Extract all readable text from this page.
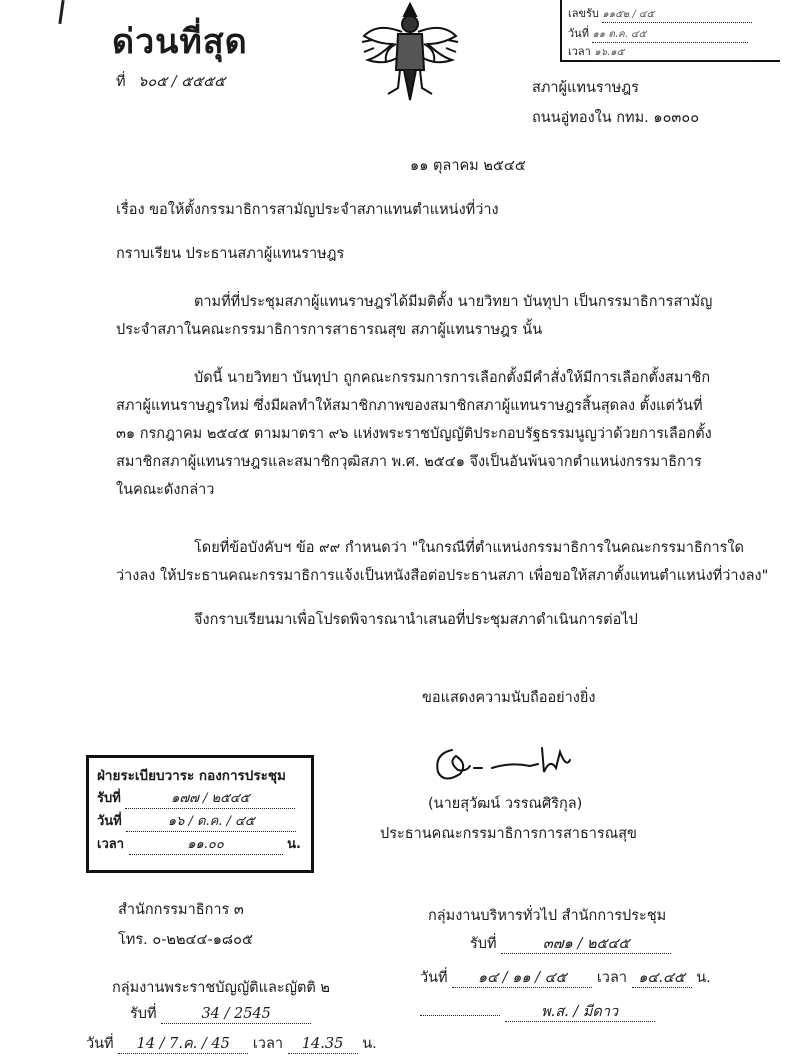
ด่วนที่สุด
ที่ ๖๐๕ / ๕๕๕๕
เลขรับ ๑๑๕๒ / ๔๕
วันที่ ๑๑ ต.ค. ๔๕
เวลา ๑๖.๑๕
สภาผู้แทนราษฎร
ถนนอู่ทองใน กทม. ๑๐๓๐๐
๑๑ ตุลาคม ๒๕๔๕
เรื่อง ขอให้ตั้งกรรมาธิการสามัญประจำสภาแทนตำแหน่งที่ว่าง
กราบเรียน ประธานสภาผู้แทนราษฎร
ตามที่ที่ประชุมสภาผู้แทนราษฎรได้มีมติตั้ง นายวิทยา บันทุปา เป็นกรรมาธิการสามัญ
ประจำสภาในคณะกรรมาธิการการสาธารณสุข สภาผู้แทนราษฎร นั้น
บัดนี้ นายวิทยา บันทุปา ถูกคณะกรรมการการเลือกตั้งมีคำสั่งให้มีการเลือกตั้งสมาชิก
สภาผู้แทนราษฎรใหม่ ซึ่งมีผลทำให้สมาชิกภาพของสมาชิกสภาผู้แทนราษฎรสิ้นสุดลง ตั้งแต่วันที่
๓๑ กรกฎาคม ๒๕๔๕ ตามมาตรา ๙๖ แห่งพระราชบัญญัติประกอบรัฐธรรมนูญว่าด้วยการเลือกตั้ง
สมาชิกสภาผู้แทนราษฎรและสมาชิกวุฒิสภา พ.ศ. ๒๕๔๑ จึงเป็นอันพ้นจากตำแหน่งกรรมาธิการ
ในคณะดังกล่าว
โดยที่ข้อบังคับฯ ข้อ ๙๙ กำหนดว่า "ในกรณีที่ตำแหน่งกรรมาธิการในคณะกรรมาธิการใด
ว่างลง ให้ประธานคณะกรรมาธิการแจ้งเป็นหนังสือต่อประธานสภา เพื่อขอให้สภาตั้งแทนตำแหน่งที่ว่างลง"
จึงกราบเรียนมาเพื่อโปรดพิจารณานำเสนอที่ประชุมสภาดำเนินการต่อไป
ขอแสดงความนับถืออย่างยิ่ง
(นายสุวัฒน์ วรรณศิริกุล)
ประธานคณะกรรมาธิการการสาธารณสุข
ฝ่ายระเบียบวาระ กองการประชุม
รับที่	๑๗๗ / ๒๕๔๕
วันที่	๑๖ / ต.ค. / ๔๕
เวลา	๑๑.๐๐	น.
สำนักกรรมาธิการ ๓
โทร. ๐-๒๒๔๔-๑๘๐๕
กลุ่มงานพระราชบัญญัติและญัตติ ๒
รับที่	34 / 2545
วันที่ 14 / 7.ค. / 45 เวลา 14.35 น.
กลุ่มงานบริหารทั่วไป สำนักการประชุม
รับที่	๓๗๑ / ๒๕๔๕
วันที่ ๑๔ / ๑๑ / ๔๕ เวลา ๑๔.๔๕ น.
พ.ส. / มีดาว
